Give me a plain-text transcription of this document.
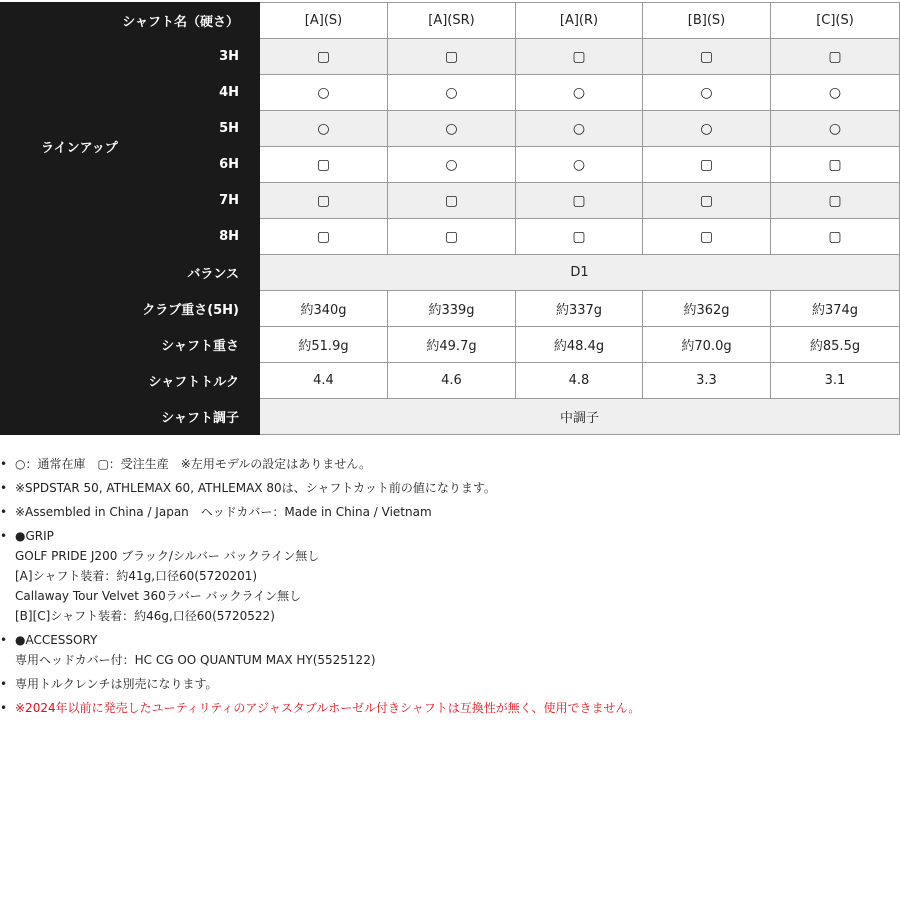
シャフト名（硬さ）		[A](S)	[A](SR)	[A](R)	[B](S)	[C](S)
ラインアップ	3H	▢	▢	▢	▢	▢
	4H	○	○	○	○	○
	5H	○	○	○	○	○
	6H	▢	○	○	▢	▢
	7H	▢	▢	▢	▢	▢
	8H	▢	▢	▢	▢	▢
バランス		D1				
クラブ重さ(5H)		約340g	約339g	約337g	約362g	約374g
シャフト重さ		約51.9g	約49.7g	約48.4g	約70.0g	約85.5g
シャフトトルク		4.4	4.6	4.8	3.3	3.1
シャフト調子		中調子				
• ○：通常在庫　▢：受注生産　※左用モデルの設定はありません。
• ※SPDSTAR 50, ATHLEMAX 60, ATHLEMAX 80は、シャフトカット前の値になります。
• ※Assembled in China / Japan　ヘッドカバー：Made in China / Vietnam
• ●GRIP
GOLF PRIDE J200 ブラック/シルバー バックライン無し
[A]シャフト装着：約41g,口径60(5720201)
Callaway Tour Velvet 360ラバー バックライン無し
[B][C]シャフト装着：約46g,口径60(5720522)
• ●ACCESSORY
専用ヘッドカバー付：HC CG OO QUANTUM MAX HY(5525122)
• 専用トルクレンチは別売になります。
• ※2024年以前に発売したユーティリティのアジャスタブルホーゼル付きシャフトは互換性が無く、使用できません。
